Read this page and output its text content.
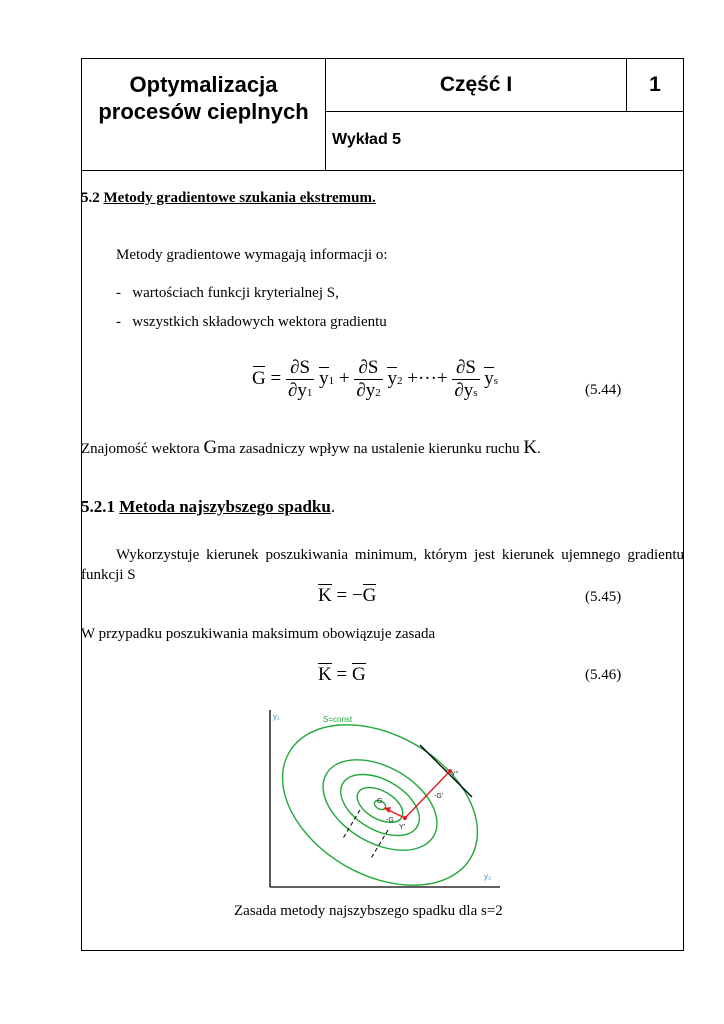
Optymalizacja procesów cieplnych
Część I	1
Wykład 5
5.2 Metody gradientowe szukania ekstremum.
Metody gradientowe wymagają informacji o:
-   wartościach funkcji kryterialnej S,
-   wszystkich składowych wektora gradientu
$G = \frac{\partial S}{\partial y1} y1 + \frac{\partial S}{\partial y2} y2$ +···+ $\frac{\partial S}{\partial ys}$ ys
(5.44)
Znajomość wektora Gma zasadniczy wpływ na ustalenie kierunku ruchu K.
5.2.1 Metoda najszybszego spadku.
Wykorzystuje kierunek poszukiwania minimum, którym jest kierunek ujemnego gradientu funkcji S
K = −G	(5.45)
W przypadku poszukiwania maksimum obowiązuje zasada
K = G	(5.46)
y₁
y₂
S=const
Y°
-G'
Y'
-G
G
Zasada metody najszybszego spadku dla s=2
